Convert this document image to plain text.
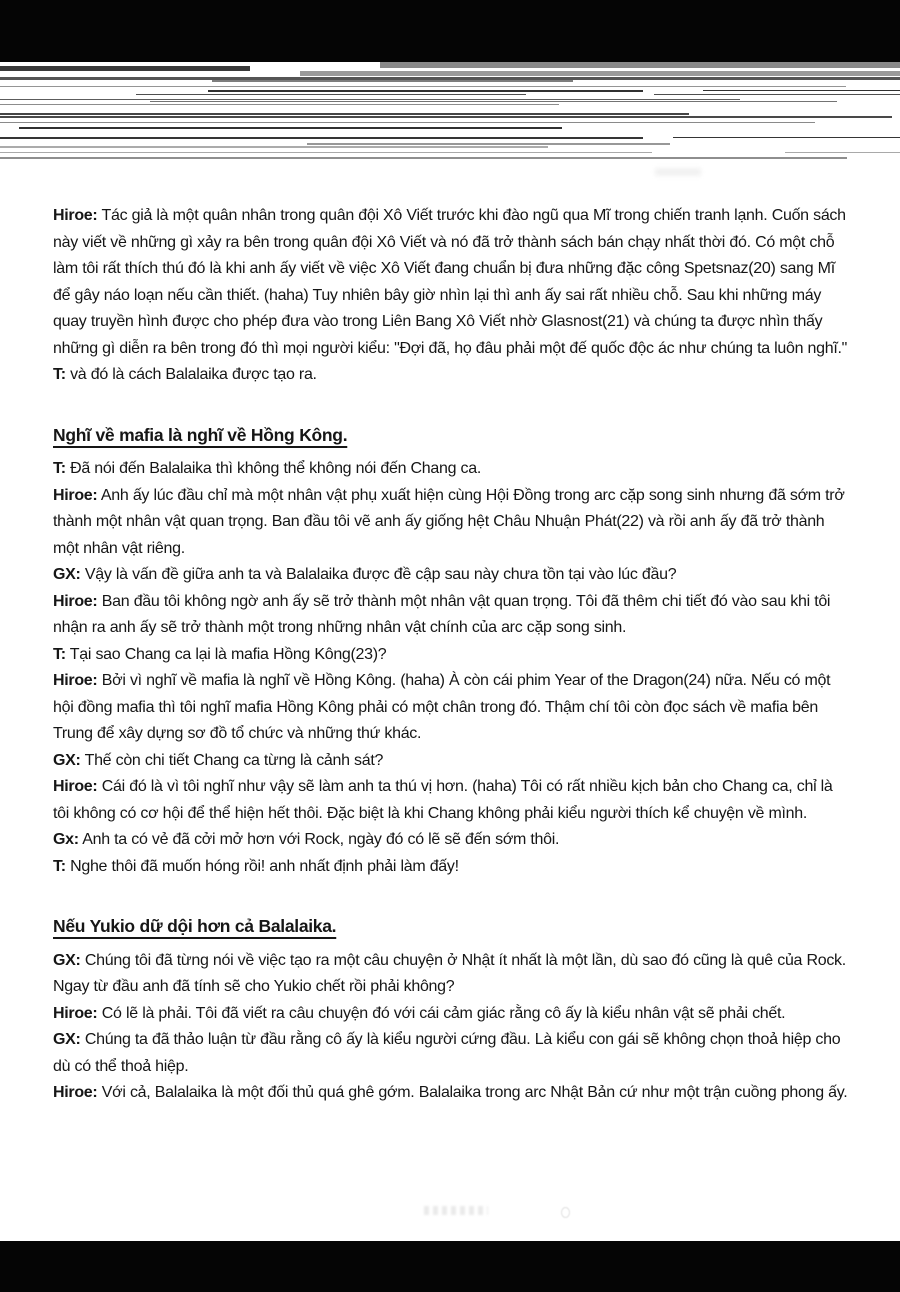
Hiroe: Tác giả là một quân nhân trong quân đội Xô Viết trước khi đào ngũ qua Mĩ trong chiến tranh lạnh. Cuốn sách này viết về những gì xảy ra bên trong quân đội Xô Viết và nó đã trở thành sách bán chạy nhất thời đó. Có một chỗ làm tôi rất thích thú đó là khi anh ấy viết về việc Xô Viết đang chuẩn bị đưa những đặc công Spetsnaz(20) sang Mĩ để gây náo loạn nếu cần thiết. (haha) Tuy nhiên bây giờ nhìn lại thì anh ấy sai rất nhiều chỗ. Sau khi những máy quay truyền hình được cho phép đưa vào trong Liên Bang Xô Viết nhờ Glasnost(21) và chúng ta được nhìn thấy những gì diễn ra bên trong đó thì mọi người kiểu: "Đợi đã, họ đâu phải một đế quốc độc ác như chúng ta luôn nghĩ."

T: và đó là cách Balalaika được tạo ra.

Nghĩ về mafia là nghĩ về Hồng Kông.

T: Đã nói đến Balalaika thì không thể không nói đến Chang ca.

Hiroe: Anh ấy lúc đầu chỉ mà một nhân vật phụ xuất hiện cùng Hội Đồng trong arc cặp song sinh nhưng đã sớm trở thành một nhân vật quan trọng. Ban đầu tôi vẽ anh ấy giống hệt Châu Nhuận Phát(22) và rồi anh ấy đã trở thành một nhân vật riêng.

GX: Vậy là vấn đề giữa anh ta và Balalaika được đề cập sau này chưa tồn tại vào lúc đầu?

Hiroe: Ban đầu tôi không ngờ anh ấy sẽ trở thành một nhân vật quan trọng. Tôi đã thêm chi tiết đó vào sau khi tôi nhận ra anh ấy sẽ trở thành một trong những nhân vật chính của arc cặp song sinh.

T: Tại sao Chang ca lại là mafia Hồng Kông(23)?

Hiroe: Bởi vì nghĩ về mafia là nghĩ về Hồng Kông. (haha) À còn cái phim Year of the Dragon(24) nữa. Nếu có một hội đồng mafia thì tôi nghĩ mafia Hồng Kông phải có một chân trong đó. Thậm chí tôi còn đọc sách về mafia bên Trung để xây dựng sơ đồ tổ chức và những thứ khác.

GX: Thế còn chi tiết Chang ca từng là cảnh sát?

Hiroe: Cái đó là vì tôi nghĩ như vậy sẽ làm anh ta thú vị hơn. (haha) Tôi có rất nhiều kịch bản cho Chang ca, chỉ là tôi không có cơ hội để thể hiện hết thôi. Đặc biệt là khi Chang không phải kiểu người thích kể chuyện về mình.

Gx: Anh ta có vẻ đã cởi mở hơn với Rock, ngày đó có lẽ sẽ đến sớm thôi.

T: Nghe thôi đã muốn hóng rồi! anh nhất định phải làm đấy!

Nếu Yukio dữ dội hơn cả Balalaika.

GX: Chúng tôi đã từng nói về việc tạo ra một câu chuyện ở Nhật ít nhất là một lần, dù sao đó cũng là quê của Rock. Ngay từ đầu anh đã tính sẽ cho Yukio chết rồi phải không?

Hiroe: Có lẽ là phải. Tôi đã viết ra câu chuyện đó với cái cảm giác rằng cô ấy là kiểu nhân vật sẽ phải chết.

GX: Chúng ta đã thảo luận từ đầu rằng cô ấy là kiểu người cứng đầu. Là kiểu con gái sẽ không chọn thoả hiệp cho dù có thể thoả hiệp.

Hiroe: Với cả, Balalaika là một đối thủ quá ghê gớm. Balalaika trong arc Nhật Bản cứ như một trận cuồng phong ấy.
